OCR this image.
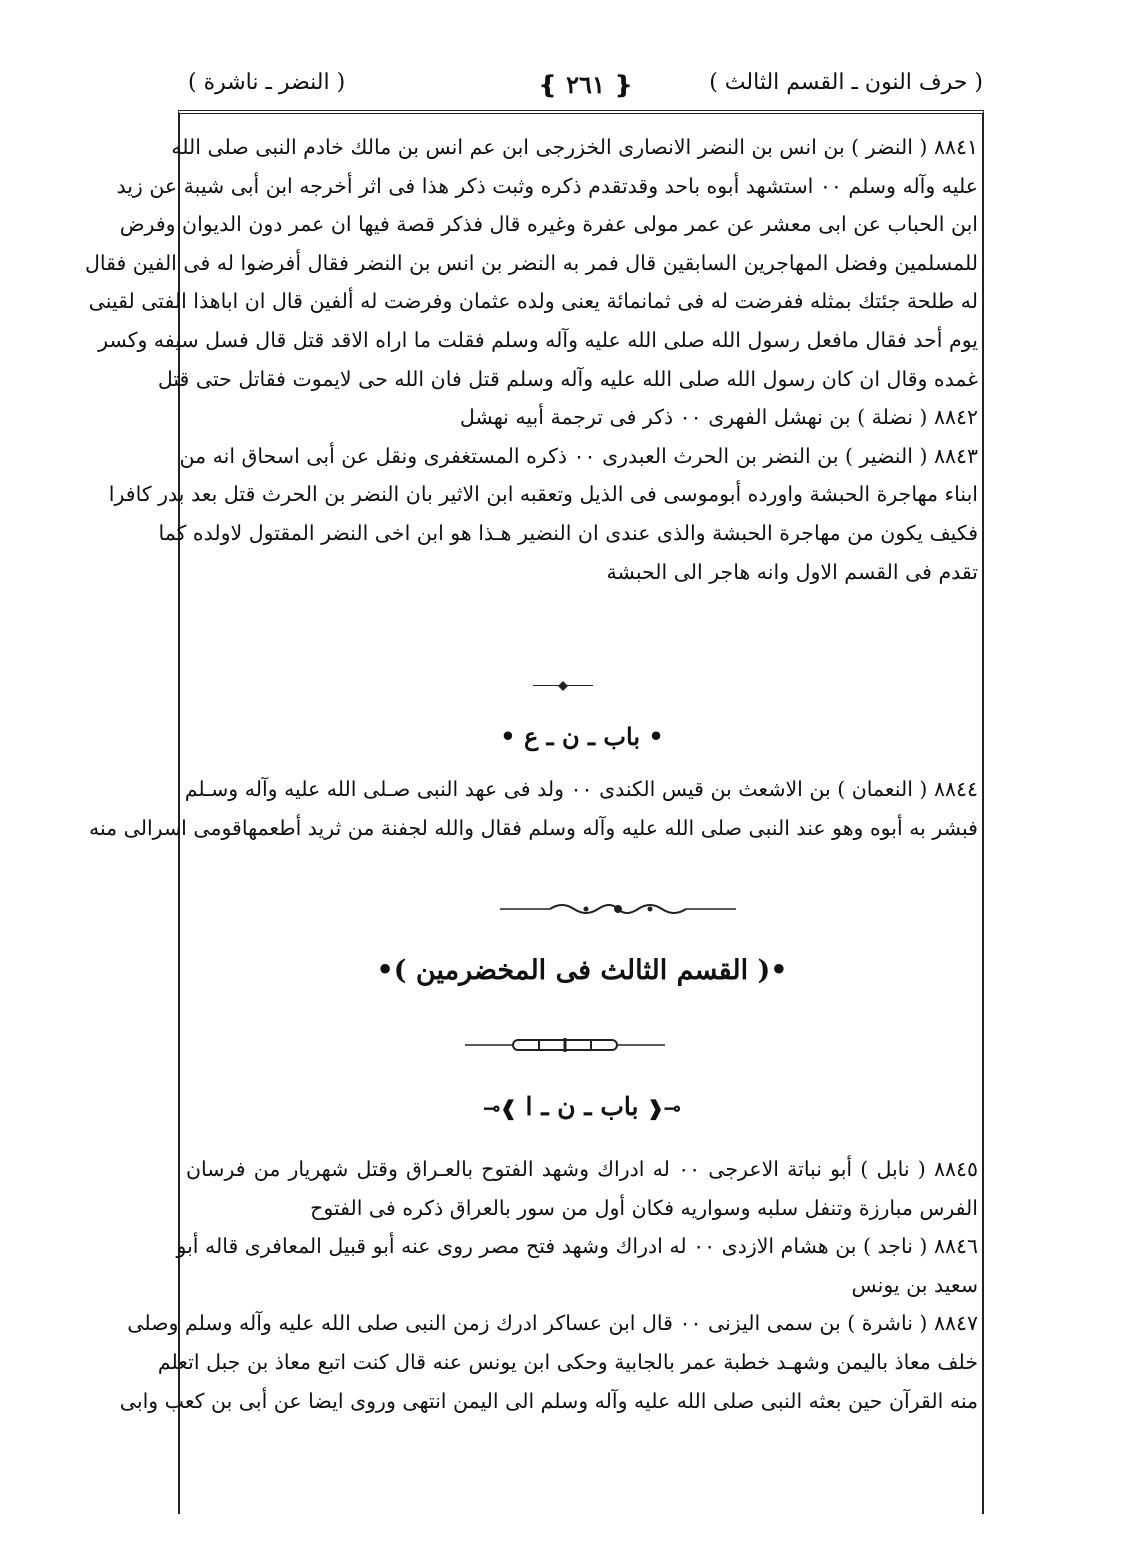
( حرف النون ـ القسم الثالث )
❴ ٢٦١ ❵
( النضر ـ ناشرة )
٨٨٤١ ( النضر ) بن انس بن النضر الانصارى الخزرجى ابن عم انس بن مالك خادم النبى صلى الله
عليه وآله وسلم ٠٠ استشهد أبوه باحد وقدتقدم ذكره وثبت ذكر هذا فى اثر أخرجه ابن أبى شيبة عن زيد
ابن الحباب عن ابى معشر عن عمر مولى عفرة وغيره قال فذكر قصة فيها ان عمر دون الديوان وفرض
للمسلمين وفضل المهاجرين السابقين قال فمر به النضر بن انس بن النضر فقال أفرضوا له فى الفين فقال
له طلحة جئتك بمثله ففرضت له فى ثمانمائة يعنى ولده عثمان وفرضت له ألفين قال ان اباهذا الفتى لقينى
يوم أحد فقال مافعل رسول الله صلى الله عليه وآله وسلم فقلت ما اراه الاقد قتل قال فسل سيفه وكسر
غمده وقال ان كان رسول الله صلى الله عليه وآله وسلم قتل فان الله حى لايموت فقاتل حتى قتل
٨٨٤٢ ( نضلة ) بن نهشل الفهرى ٠٠ ذكر فى ترجمة أبيه نهشل
٨٨٤٣ ( النضير ) بن النضر بن الحرث العبدرى ٠٠ ذكره المستغفرى ونقل عن أبى اسحاق انه من
ابناء مهاجرة الحبشة واورده أبوموسى فى الذيل وتعقبه ابن الاثير بان النضر بن الحرث قتل بعد بدر كافرا
فكيف يكون من مهاجرة الحبشة والذى عندى ان النضير هـذا هو ابن اخى النضر المقتول لاولده كما
تقدم فى القسم الاول وانه هاجر الى الحبشة
• باب ـ ن ـ ع •
٨٨٤٤ ( النعمان ) بن الاشعث بن قيس الكندى ٠٠ ولد فى عهد النبى صـلى الله عليه وآله وسـلم
فبشر به أبوه وهو عند النبى صلى الله عليه وآله وسلم فقال والله لجفنة من ثريد أطعمهاقومى اسرالى منه
•( القسم الثالث فى المخضرمين )•
⊸❰ باب ـ ن ـ ا ❱⟜
٨٨٤٥ ( نابل ) أبو نباتة الاعرجى ٠٠ له ادراك وشهد الفتوح بالعـراق وقتل شهريار من فرسان
الفرس مبارزة وتنفل سلبه وسواريه فكان أول من سور بالعراق ذكره فى الفتوح
٨٨٤٦ ( ناجد ) بن هشام الازدى ٠٠ له ادراك وشهد فتح مصر روى عنه أبو قبيل المعافرى قاله أبو
سعيد بن يونس
٨٨٤٧ ( ناشرة ) بن سمى اليزنى ٠٠ قال ابن عساكر ادرك زمن النبى صلى الله عليه وآله وسلم وصلى
خلف معاذ باليمن وشهـد خطبة عمر بالجابية وحكى ابن يونس عنه قال كنت اتبع معاذ بن جبل اتعلم
منه القرآن حين بعثه النبى صلى الله عليه وآله وسلم الى اليمن انتهى وروى ايضا عن أبى بن كعب وابى
